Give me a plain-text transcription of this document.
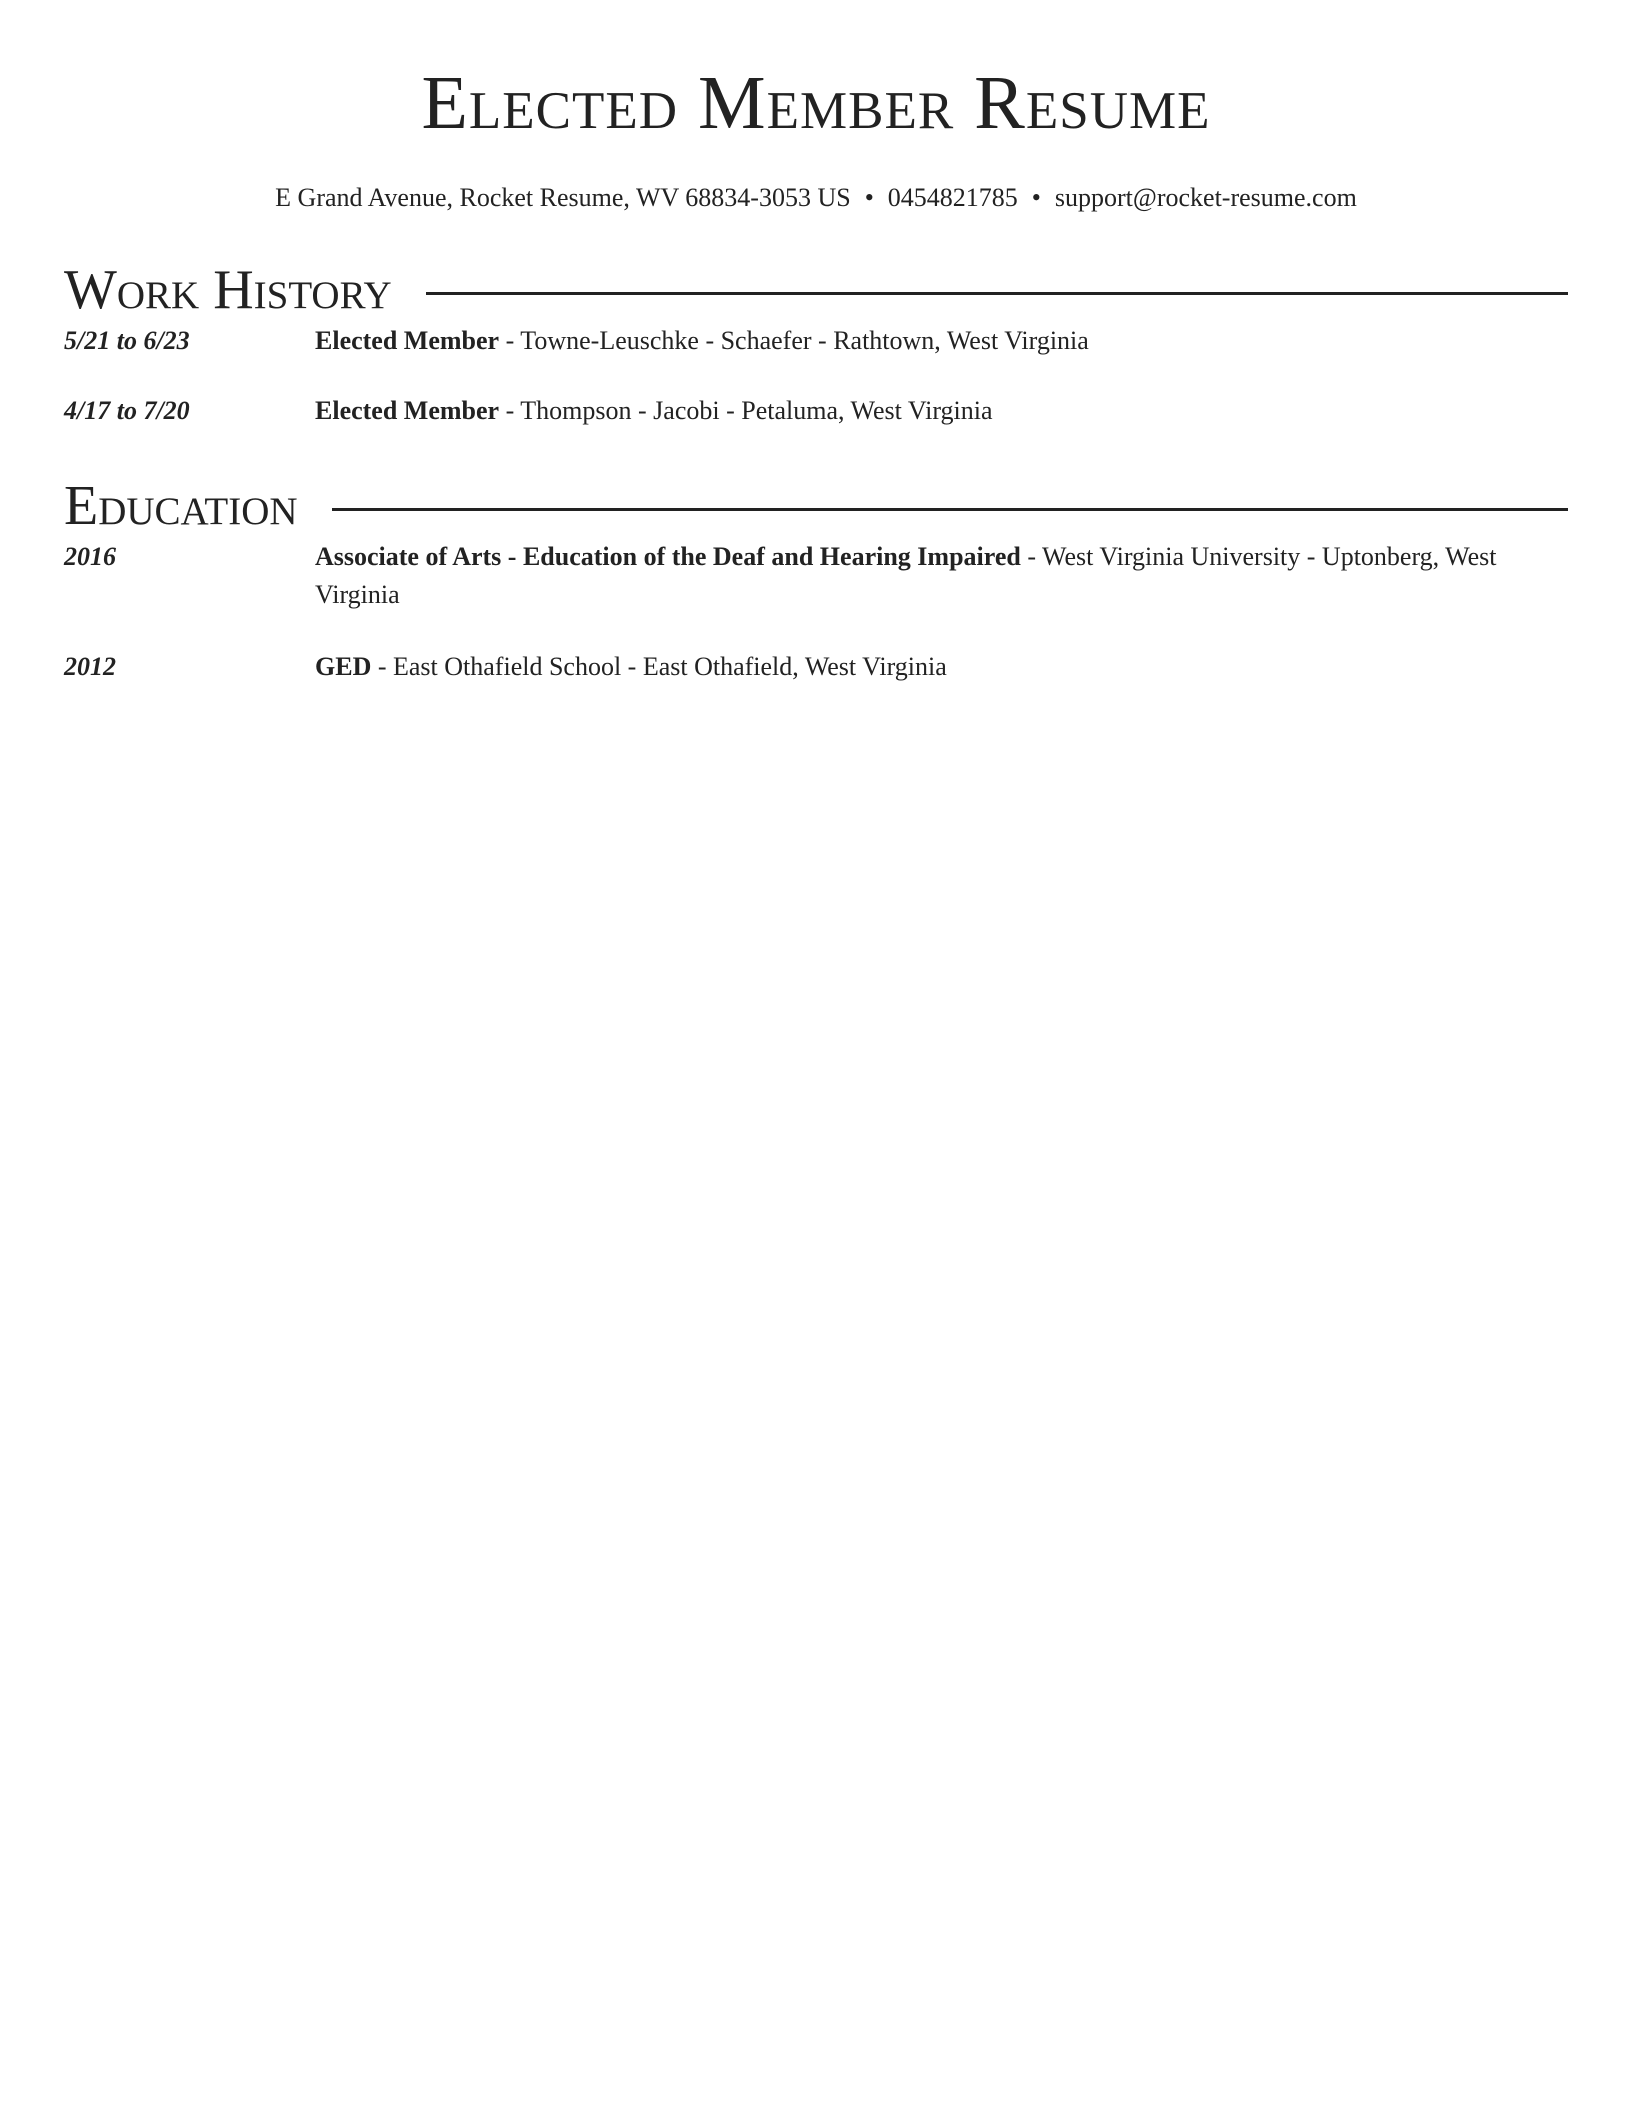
Elected Member Resume
E Grand Avenue, Rocket Resume, WV 68834-3053 US • 0454821785 • support@rocket-resume.com
Work History
5/21 to 6/23	Elected Member - Towne-Leuschke - Schaefer - Rathtown, West Virginia
4/17 to 7/20	Elected Member - Thompson - Jacobi - Petaluma, West Virginia
Education
2016	Associate of Arts - Education of the Deaf and Hearing Impaired - West Virginia University - Uptonberg, West Virginia
2012	GED - East Othafield School - East Othafield, West Virginia
